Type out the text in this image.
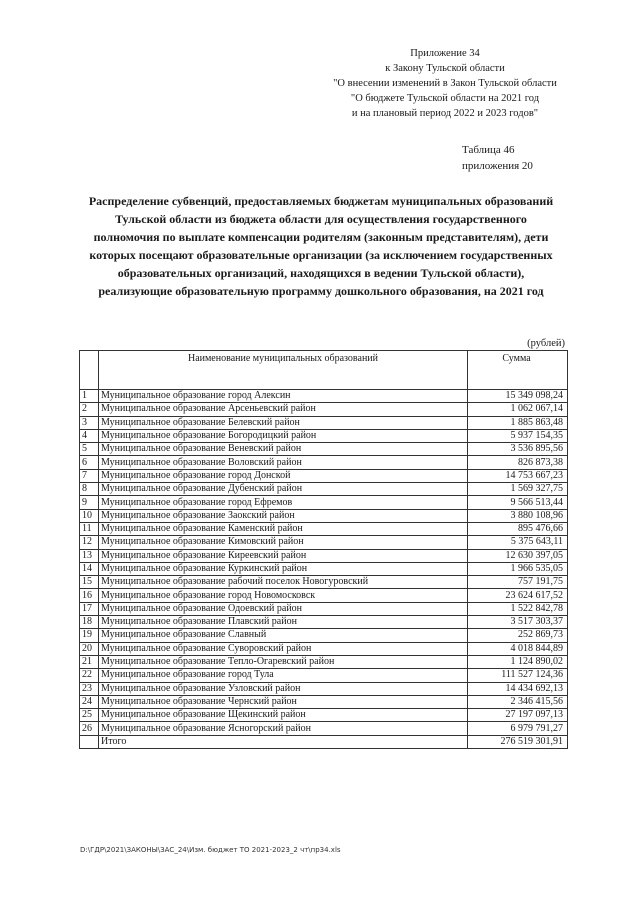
Приложение 34
к Закону Тульской области
"О внесении изменений в Закон Тульской области
"О бюджете Тульской области на 2021 год
и на плановый период 2022 и 2023 годов"
Таблица 46
приложения 20
Распределение субвенций, предоставляемых бюджетам муниципальных образований Тульской области из бюджета области для осуществления государственного полномочия по выплате компенсации родителям (законным представителям), дети которых посещают образовательные организации (за исключением государственных образовательных организаций, находящихся в ведении Тульской области), реализующие образовательную программу дошкольного образования, на 2021 год
(рублей)
	Наименование муниципальных образований	Сумма
1	Муниципальное образование город Алексин	15 349 098,24
2	Муниципальное образование Арсеньевский район	1 062 067,14
3	Муниципальное образование Белевский район	1 885 863,48
4	Муниципальное образование Богородицкий район	5 937 154,35
5	Муниципальное образование Веневский район	3 536 895,56
6	Муниципальное образование Воловский район	826 873,38
7	Муниципальное образование город Донской	14 753 667,23
8	Муниципальное образование Дубенский район	1 569 327,75
9	Муниципальное образование город Ефремов	9 566 513,44
10	Муниципальное образование Заокский район	3 880 108,96
11	Муниципальное образование Каменский район	895 476,66
12	Муниципальное образование Кимовский район	5 375 643,11
13	Муниципальное образование Киреевский район	12 630 397,05
14	Муниципальное образование Куркинский район	1 966 535,05
15	Муниципальное образование рабочий поселок Новогуровский	757 191,75
16	Муниципальное образование город Новомосковск	23 624 617,52
17	Муниципальное образование Одоевский район	1 522 842,78
18	Муниципальное образование Плавский район	3 517 303,37
19	Муниципальное образование Славный	252 869,73
20	Муниципальное образование Суворовский район	4 018 844,89
21	Муниципальное образование Тепло-Огаревский район	1 124 890,02
22	Муниципальное образование город Тула	111 527 124,36
23	Муниципальное образование Узловский район	14 434 692,13
24	Муниципальное образование Чернский район	2 346 415,56
25	Муниципальное образование Щекинский район	27 197 097,13
26	Муниципальное образование Ясногорский район	6 979 791,27
	Итого	276 519 301,91
D:\ГДР\2021\ЗАКОНЫ\ЗАС_24\Изм. бюджет ТО 2021-2023_2 чт\пр34.xls
